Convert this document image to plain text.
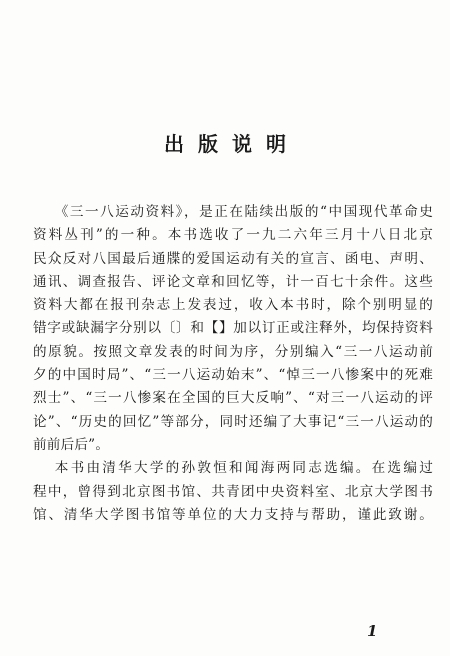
出版说明
《三一八运动资料》，是正在陆续出版的“中国现代革命史
资料丛刊”的一种。本书选收了一九二六年三月十八日北京
民众反对八国最后通牒的爱国运动有关的宣言、函电、声明、
通讯、调查报告、评论文章和回忆等，计一百七十余件。这些
资料大都在报刊杂志上发表过，收入本书时，除个别明显的
错字或缺漏字分别以〔〕和【】加以订正或注释外，均保持资料
的原貌。按照文章发表的时间为序，分别编入“三一八运动前
夕的中国时局”、“三一八运动始末”、“悼三一八惨案中的死难
烈士”、“三一八惨案在全国的巨大反响”、“对三一八运动的评
论”、“历史的回忆”等部分，同时还编了大事记“三一八运动的
前前后后”。
本书由清华大学的孙敦恒和闻海两同志选编。在选编过
程中，曾得到北京图书馆、共青团中央资料室、北京大学图书
馆、清华大学图书馆等单位的大力支持与帮助，谨此致谢。
1
